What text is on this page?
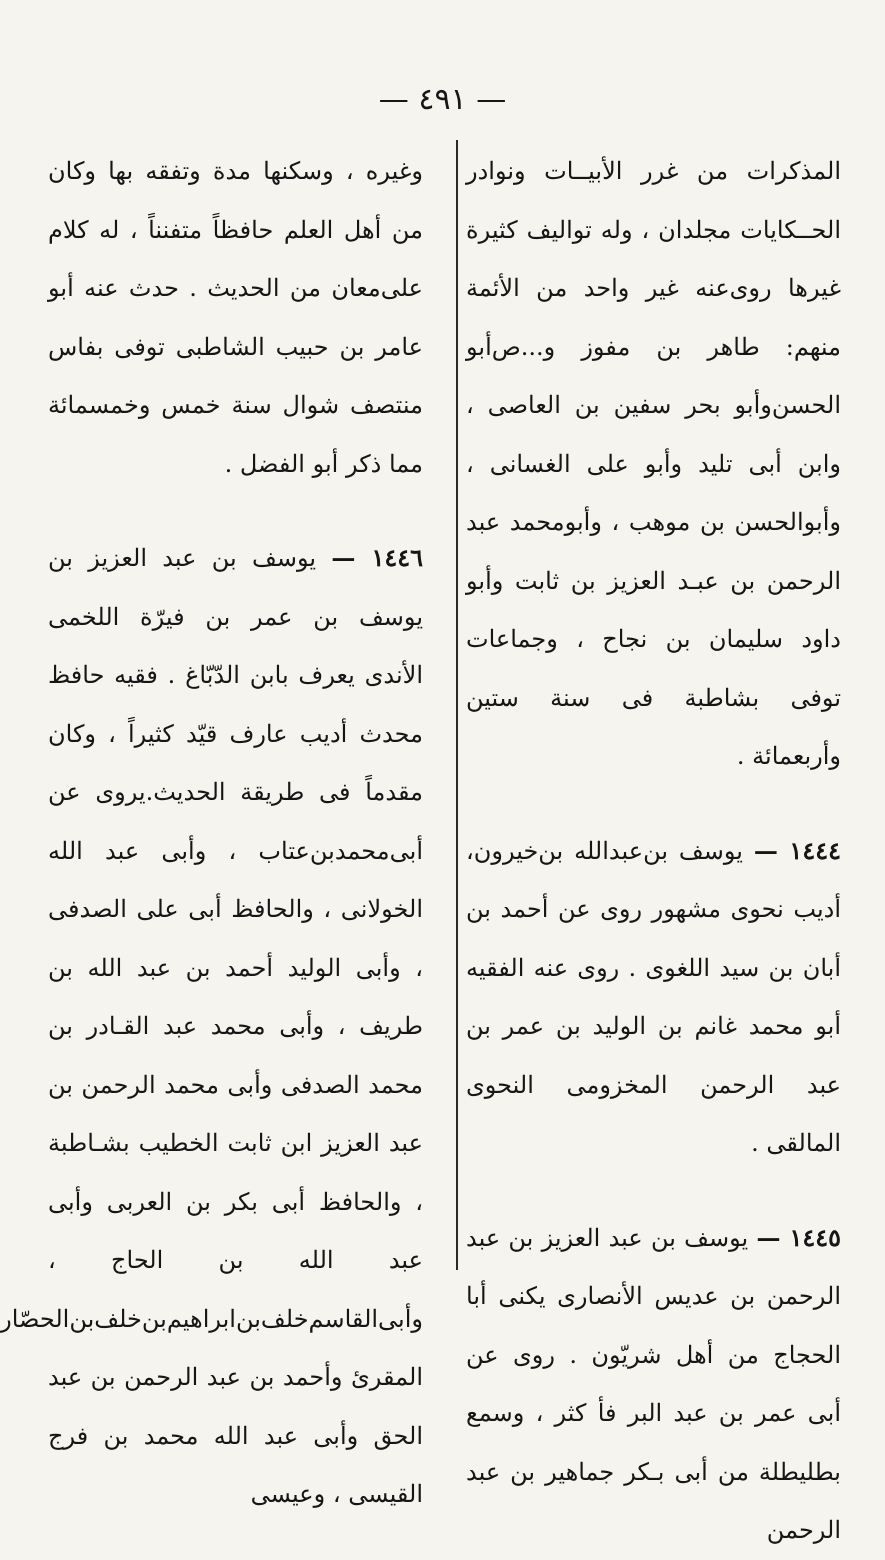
— ٤٩١ —

المذكرات من غرر الأبيــات ونوادر الحــكايات مجلدان ، وله تواليف كثيرة غيرها روى‌عنه غير واحد من الأئمة منهم: طاهر بن مفوز و...ص‌أبو الحسن‌وأبو بحر سفين بن العاصى ، وابن أبى تليد وأبو على الغسانى ، وأبوالحسن بن موهب ، وأبومحمد عبد الرحمن بن عبـد العزيز بن ثابت وأبو داود سليمان بن نجاح ، وجماعات توفى بشاطبة فى سنة ستين وأربعمائة .

١٤٤٤ — يوسف بن‌عبدالله بن‌خيرون، أديب نحوى مشهور روى عن أحمد بن أبان بن سيد اللغوى . روى عنه الفقيه أبو محمد غانم بن الوليد بن عمر بن عبد الرحمن المخزومى النحوى المالقى .

١٤٤٥ — يوسف بن عبد العزيز بن عبد الرحمن بن عديس الأنصارى يكنى أبا الحجاج من أهل شريّون . روى عن أبى عمر بن عبد البر فأ كثر ، وسمع بطليطلة من أبى بـكر جماهير بن عبد الرحمن

وغيره ، وسكنها مدة وتفقه بها وكان من أهل العلم حافظاً متفنناً ، له كلام على‌معان من الحديث . حدث عنه أبو عامر بن حبيب الشاطبى توفى بفاس منتصف شوال سنة خمس وخمسمائة مما ذكر أبو الفضل .

١٤٤٦ — يوسف بن عبد العزيز بن يوسف بن عمر بن فيرّة اللخمى الأندى يعرف بابن الدّبّاغ . فقيه حافظ محدث أديب عارف قيّد كثيراً ، وكان مقدماً فى طريقة الحديث.يروى عن أبى‌محمدبن‌عتاب ، وأبى عبد الله الخولانى ، والحافظ أبى على الصدفى ، وأبى الوليد أحمد بن عبد الله بن طريف ، وأبى محمد عبد القـادر بن محمد الصدفى وأبى محمد الرحمن بن عبد العزيز ابن ثابت الخطيب بشـاطبة ، والحافظ أبى بكر بن العربى وأبى عبد الله بن الحاج ، وأبى‌القاسم‌خلف‌بن‌ابراهيم‌بن‌خلف‌بن‌الحصّار المقرئ وأحمد بن عبد الرحمن بن عبد الحق وأبى عبد الله محمد بن فرج القيسى ، وعيسى
